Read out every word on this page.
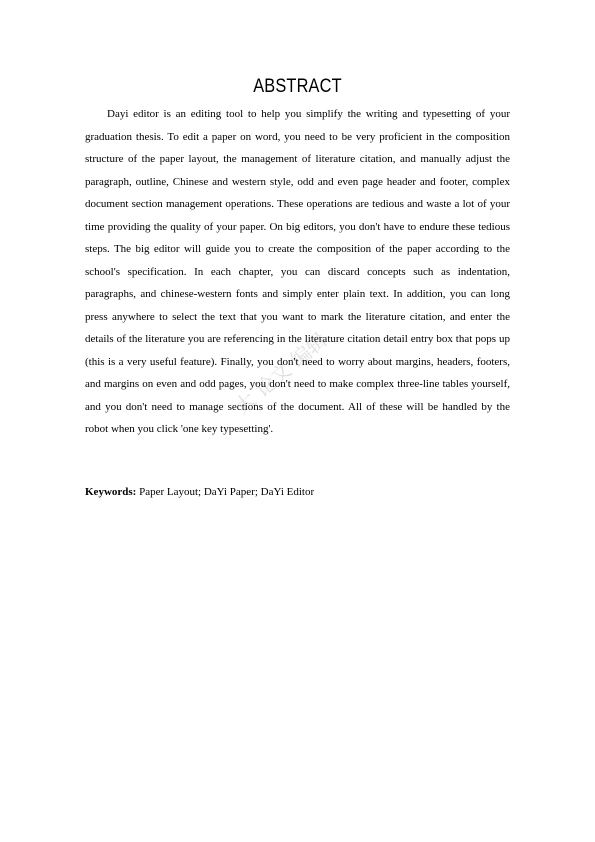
ABSTRACT

Dayi editor is an editing tool to help you simplify the writing and typesetting of your graduation thesis. To edit a paper on word, you need to be very proficient in the composition structure of the paper layout, the management of literature citation, and manually adjust the paragraph, outline, Chinese and western style, odd and even page header and footer, complex document section management operations. These operations are tedious and waste a lot of your time providing the quality of your paper. On big editors, you don't have to endure these tedious steps. The big editor will guide you to create the composition of the paper according to the school's specification. In each chapter, you can discard concepts such as indentation, paragraphs, and chinese-western fonts and simply enter plain text. In addition, you can long press anywhere to select the text that you want to mark the literature citation, and enter the details of the literature you are referencing in the literature citation detail entry box that pops up (this is a very useful feature). Finally, you don't need to worry about margins, headers, footers, and margins on even and odd pages, you don't need to make complex three-line tables yourself, and you don't need to manage sections of the document. All of these will be handled by the robot when you click 'one key typesetting'.

Keywords: Paper Layout; DaYi Paper; DaYi Editor

大 论文 编辑
